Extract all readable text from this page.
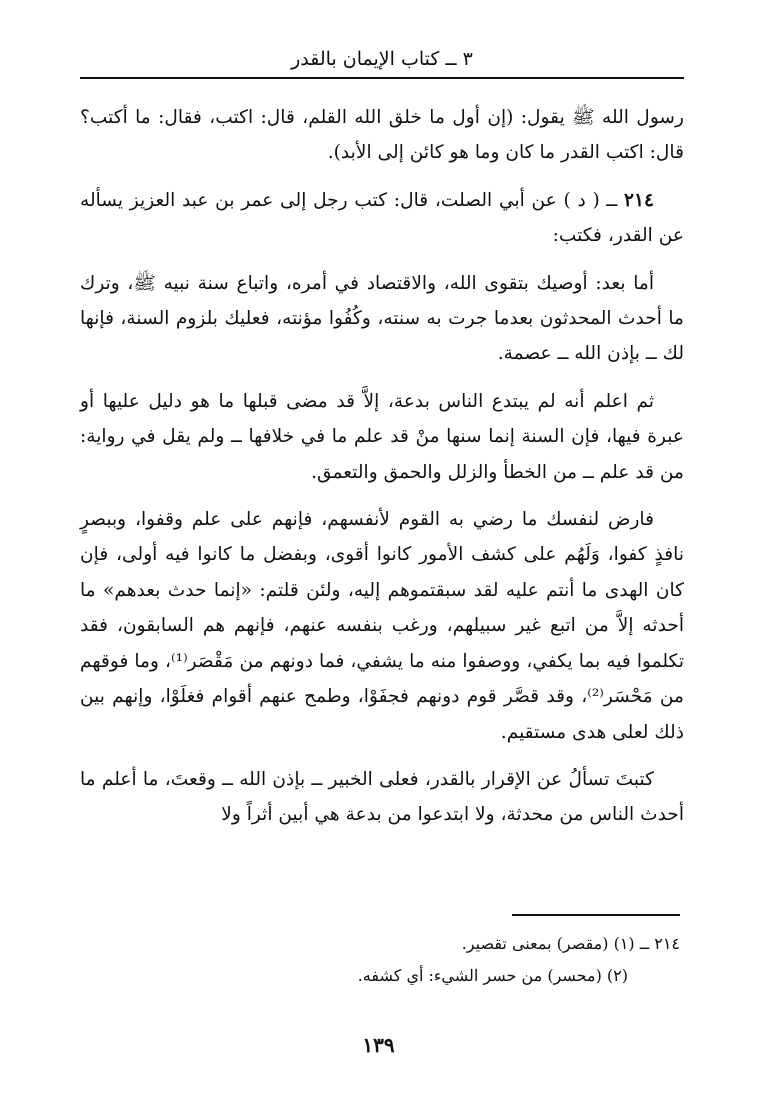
٣ ــ كتاب الإيمان بالقدر

رسول الله ﷺ يقول: (إن أول ما خلق الله القلم، قال: اكتب، فقال: ما أكتب؟ قال: اكتب القدر ما كان وما هو كائن إلى الأبد).

٢١٤ ــ ( د ) عن أبي الصلت، قال: كتب رجل إلى عمر بن عبد العزيز يسأله عن القدر، فكتب:

أما بعد: أوصيك بتقوى الله، والاقتصاد في أمره، واتباع سنة نبيه ﷺ، وترك ما أحدث المحدثون بعدما جرت به سنته، وكُفُوا مؤنته، فعليك بلزوم السنة، فإنها لك ــ بإذن الله ــ عصمة.

ثم اعلم أنه لم يبتدع الناس بدعة، إلاَّ قد مضى قبلها ما هو دليل عليها أو عبرة فيها، فإن السنة إنما سنها منْ قد علم ما في خلافها ــ ولم يقل في رواية: من قد علم ــ من الخطأ والزلل والحمق والتعمق.

فارض لنفسك ما رضي به القوم لأنفسهم، فإنهم على علم وقفوا، وببصرٍ نافذٍ كفوا، وَلَهُم على كشف الأمور كانوا أقوى، وبفضل ما كانوا فيه أولى، فإن كان الهدى ما أنتم عليه لقد سبقتموهم إليه، ولئن قلتم: «إنما حدث بعدهم» ما أحدثه إلاَّ من اتبع غير سبيلهم، ورغب بنفسه عنهم، فإنهم هم السابقون، فقد تكلموا فيه بما يكفي، ووصفوا منه ما يشفي، فما دونهم من مَقْصَر⁽¹⁾، وما فوقهم من مَحْسَر⁽²⁾، وقد قصَّر قوم دونهم فجفَوْا، وطمح عنهم أقوام فغلَوْا، وإنهم بين ذلك لعلى هدى مستقيم.

كتبتَ تسألُ عن الإقرار بالقدر، فعلى الخبير ــ بإذن الله ــ وقعتَ، ما أعلم ما أحدث الناس من محدثة، ولا ابتدعوا من بدعة هي أبين أثراً ولا

٢١٤ ــ (١) (مقصر) بمعنى تقصير.
(٢) (محسر) من حسر الشيء: أي كشفه.
١٣٩
